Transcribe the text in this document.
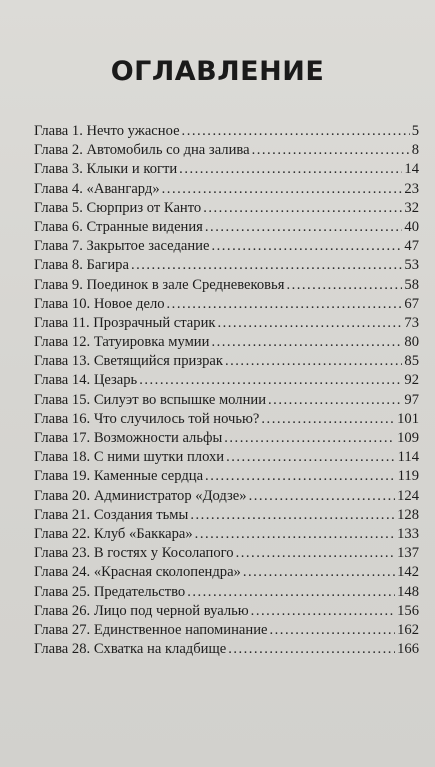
ОГЛАВЛЕНИЕ
Глава 1. Нечто ужасное .....	5
Глава 2. Автомобиль со дна залива .....	8
Глава 3. Клыки и когти .....	14
Глава 4. «Авангард» .....	23
Глава 5. Сюрприз от Канто .....	32
Глава 6. Странные видения .....	40
Глава 7. Закрытое заседание .....	47
Глава 8. Багира .....	53
Глава 9. Поединок в зале Средневековья .....	58
Глава 10. Новое дело .....	67
Глава 11. Прозрачный старик .....	73
Глава 12. Татуировка мумии .....	80
Глава 13. Светящийся призрак .....	85
Глава 14. Цезарь .....	92
Глава 15. Силуэт во вспышке молнии .....	97
Глава 16. Что случилось той ночью? .....	101
Глава 17. Возможности альфы .....	109
Глава 18. С ними шутки плохи .....	114
Глава 19. Каменные сердца .....	119
Глава 20. Администратор «Додзе» .....	124
Глава 21. Создания тьмы .....	128
Глава 22. Клуб «Баккара» .....	133
Глава 23. В гостях у Косолапого .....	137
Глава 24. «Красная сколопендра» .....	142
Глава 25. Предательство .....	148
Глава 26. Лицо под черной вуалью .....	156
Глава 27. Единственное напоминание .....	162
Глава 28. Схватка на кладбище .....	166
